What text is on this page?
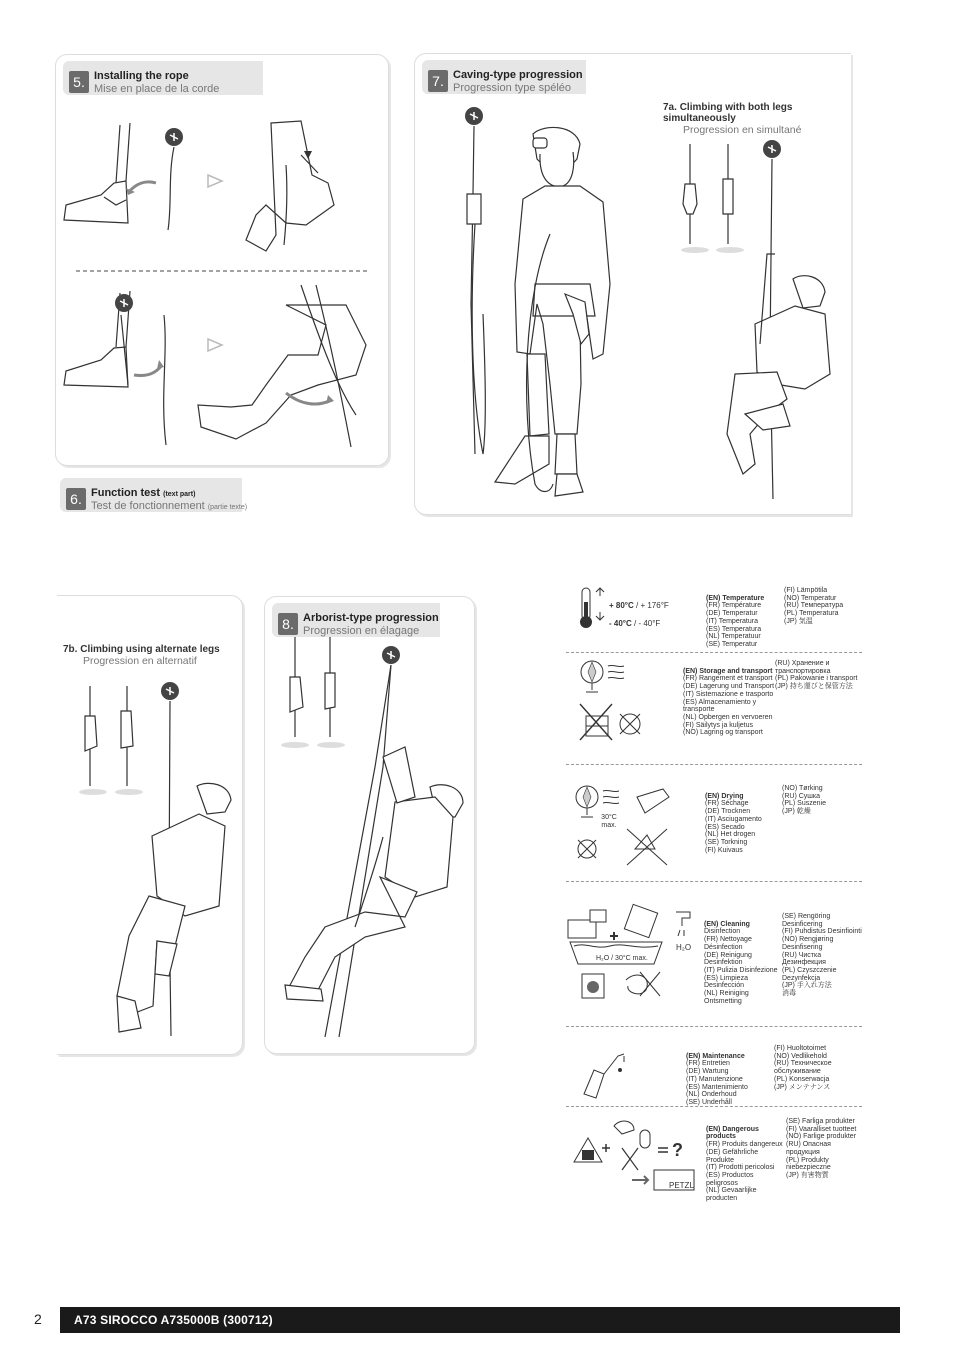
5. Installing the rope
Mise en place de la corde
6. Function test (text part)
Test de fonctionnement (partie texte)
7. Caving-type progression
Progression type spéléo
7a. Climbing with both legs simultaneously
Progression en simultané
7b. Climbing using alternate legs
Progression en alternatif
8. Arborist-type progression
Progression en élagage

+ 80°C / + 176°F

- 40°C / - 40°F

(EN) Temperature
(FR) Température
(DE) Temperatur
(IT) Temperatura
(ES) Temperatura
(NL) Temperatuur
(SE) Temperatur

(FI) Lämpötila
(NO) Temperatur
(RU) Температура
(PL) Temperatura
(JP) 気温

(EN) Storage and transport
(FR) Rangement et transport
(DE) Lagerung und Transport
(IT) Sistemazione e trasporto
(ES) Almacenamiento y transporte
(NL) Opbergen en vervoeren
(FI) Säilytys ja kuljetus
(NO) Lagring og transport

(RU) Хранение и транспортировка
(PL) Pakowanie i transport
(JP) 持ち運びと保管方法
30°C max.

(EN) Drying
(FR) Séchage
(DE) Trocknen
(IT) Asciugamento
(ES) Secado
(NL) Het drogen
(SE) Torkning
(FI) Kuivaus

(NO) Tørking
(RU) Сушка
(PL) Suszenie
(JP) 乾燥
H₂O / 30°C max.
H₂O

(EN) Cleaning
Disinfection
(FR) Nettoyage
Désinfection
(DE) Reinigung
Desinfektion
(IT) Pulizia Disinfezione
(ES) Limpieza
Desinfección
(NL) Reiniging
Ontsmetting

(SE) Rengöring
Desinficering
(FI) Puhdistus Desinfiointi
(NO) Rengjøring
Desinfisering
(RU) Чистка
Дезинфекция
(PL) Czyszczenie
Dezynfekcja
(JP) 手入れ方法
消毒

(EN) Maintenance
(FR) Entretien
(DE) Wartung
(IT) Manutenzione
(ES) Mantenimiento
(NL) Onderhoud
(SE) Underhåll

(FI) Huoltotoimet
(NO) Vedlikehold
(RU) Техническое обслуживание
(PL) Konserwacja
(JP) メンテナンス
?
PETZL

(EN) Dangerous products
(FR) Produits dangereux
(DE) Gefährliche Produkte
(IT) Prodotti pericolosi
(ES) Productos peligrosos
(NL) Gevaarlijke producten

(SE) Farliga produkter
(FI) Vaaralliset tuotteet
(NO) Farlige produkter
(RU) Опасная продукция
(PL) Produkty niebezpieczne
(JP) 有害物質
2	A73 SIROCCO A735000B (300712)
